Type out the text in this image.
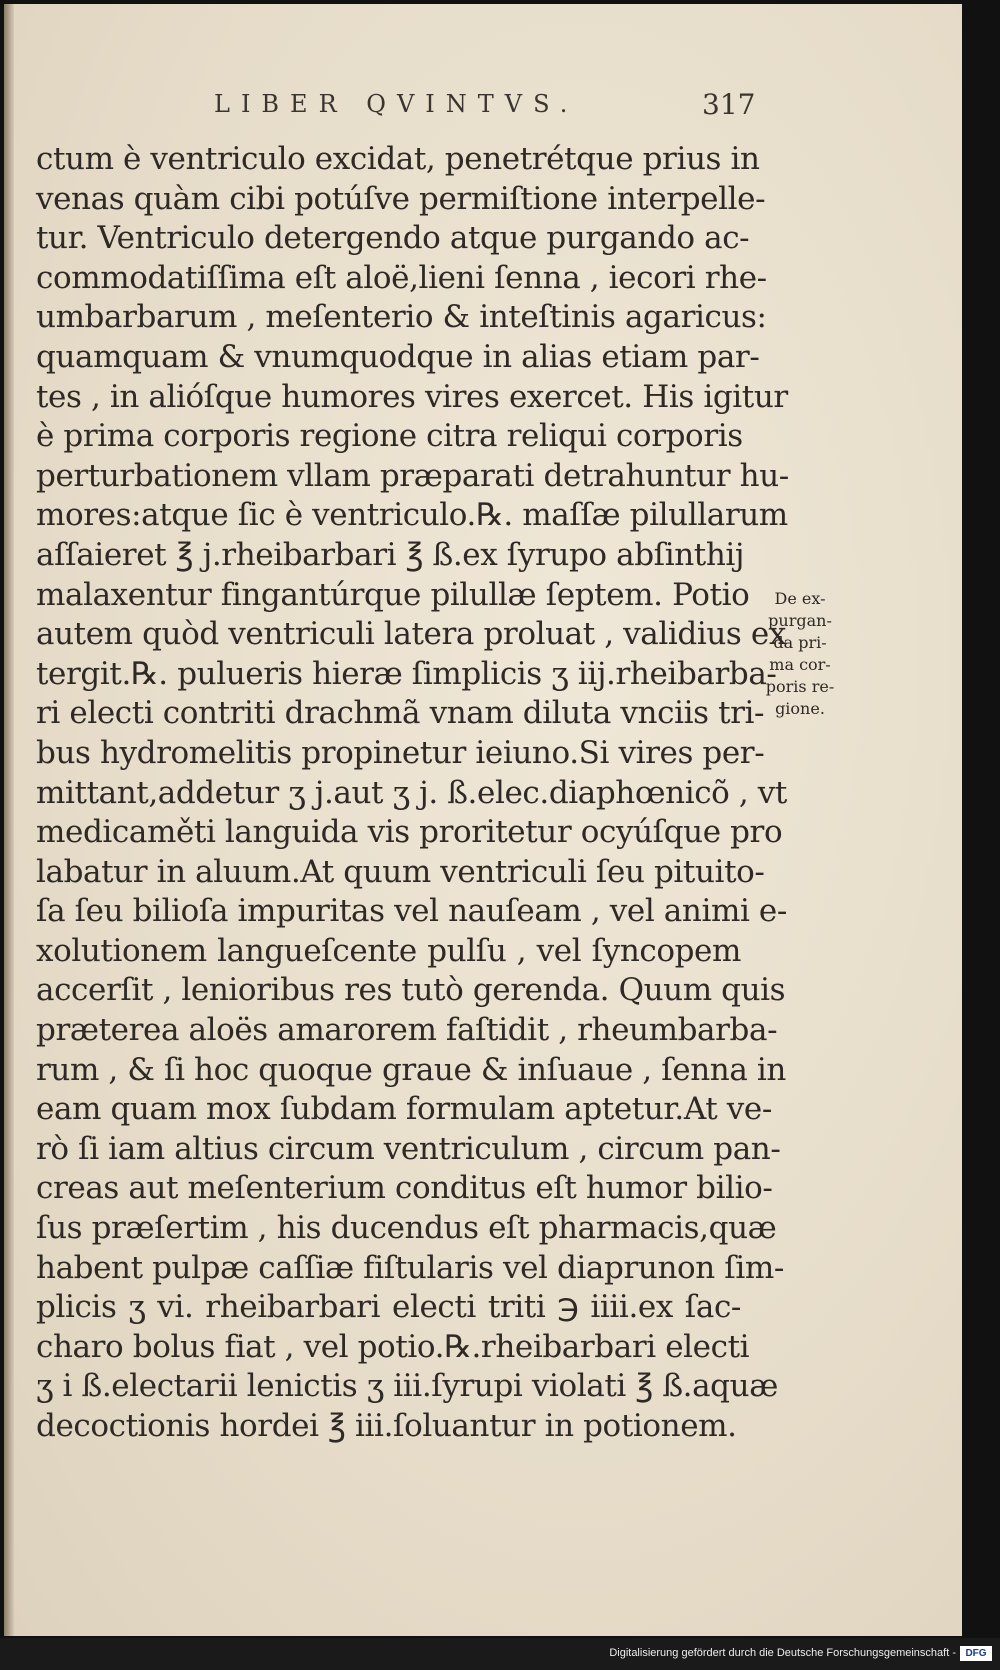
LIBER QVINTVS.	317
ctum è ventriculo excidat, penetrétque prius in
venas quàm cibi potúſve permiſtione interpelle-
tur. Ventriculo detergendo atque purgando ac-
commodatiſſima eſt aloë,lieni ſenna , iecori rhe-
umbarbarum , meſenterio & inteſtinis agaricus:
quamquam & vnumquodque in alias etiam par-
tes , in alióſque humores vires exercet. His igitur
è prima corporis regione citra reliqui corporis
perturbationem vllam præparati detrahuntur hu-
mores:atque ſic è ventriculo.℞. maſſæ pilullarum
aſſaieret ℥ j.rheibarbari ℥ ß.ex ſyrupo abſinthij
malaxentur fingantúrque pilullæ ſeptem. Potio
autem quòd ventriculi latera proluat , validius ex
tergit.℞. pulueris hieræ ſimplicis ʒ iij.rheibarba-
ri electi contriti drachmã vnam diluta vnciis tri-
bus hydromelitis propinetur ieiuno.Si vires per-
mittant,addetur ʒ j.aut ʒ j. ß.elec.diaphœnicõ , vt
medicaměti languida vis proritetur ocyúſque pro
labatur in aluum.At quum ventriculi ſeu pituito-
ſa ſeu bilioſa impuritas vel nauſeam , vel animi e-
xolutionem langueſcente pulſu , vel ſyncopem
accerſit , lenioribus res tutò gerenda. Quum quis
præterea aloës amarorem faſtidit , rheumbarba-
rum , & ſi hoc quoque graue & inſuaue , ſenna in
eam quam mox ſubdam formulam aptetur.At ve-
rò ſi iam altius circum ventriculum , circum pan-
creas aut meſenterium conditus eſt humor bilio-
ſus præſertim , his ducendus eſt pharmacis,quæ
habent pulpæ caſſiæ fiſtularis vel diaprunon ſim-
plicis ʒ vi. rheibarbari electi triti ℈ iiii.ex ſac-
charo bolus fiat , vel potio.℞.rheibarbari electi
ʒ i ß.electarii lenictis ʒ iii.ſyrupi violati ℥ ß.aquæ
decoctionis hordei ℥ iii.ſoluantur in potionem.
De ex-
purgan-
da pri-
ma cor-
poris re-
gione.
Digitalisierung gefördert durch die Deutsche Forschungsgemeinschaft - DFG
